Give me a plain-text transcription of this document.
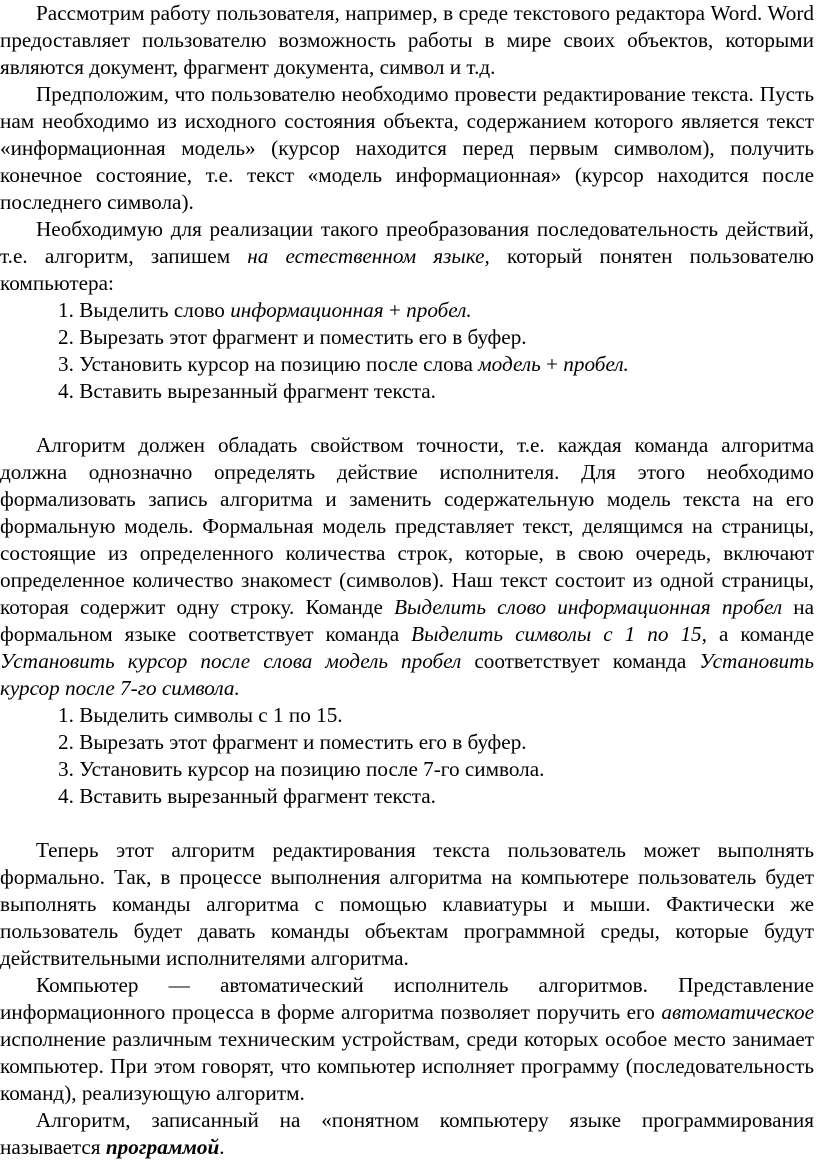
Рассмотрим работу пользователя, например, в среде текстового редактора Word. Word предоставляет пользователю возможность работы в мире своих объектов, которыми являются документ, фрагмент документа, символ и т.д.

Предположим, что пользователю необходимо провести редактирование текста. Пусть нам необходимо из исходного состояния объекта, содержанием которого является текст «информационная модель» (курсор находится перед первым символом), получить конечное состояние, т.е. текст «модель информационная» (курсор находится после последнего символа).

Необходимую для реализации такого преобразования последовательность действий, т.е. алгоритм, запишем на естественном языке, который понятен пользователю компьютера:

1. Выделить слово информационная + пробел.
2. Вырезать этот фрагмент и поместить его в буфер.
3. Установить курсор на позицию после слова модель + пробел.
4. Вставить вырезанный фрагмент текста.

Алгоритм должен обладать свойством точности, т.е. каждая команда алгоритма должна однозначно определять действие исполнителя. Для этого необходимо формализовать запись алгоритма и заменить содержательную модель текста на его формальную модель. Формальная модель представляет текст, делящимся на страницы, состоящие из определенного количества строк, которые, в свою очередь, включают определенное количество знакомест (символов). Наш текст состоит из одной страницы, которая содержит одну строку. Команде Выделить слово информационная пробел на формальном языке соответствует команда Выделить символы с 1 по 15, а команде Установить курсор после слова модель пробел соответствует команда Установить курсор после 7-го символа.

1. Выделить символы с 1 по 15.
2. Вырезать этот фрагмент и поместить его в буфер.
3. Установить курсор на позицию после 7-го символа.
4. Вставить вырезанный фрагмент текста.

Теперь этот алгоритм редактирования текста пользователь может выполнять формально. Так, в процессе выполнения алгоритма на компьютере пользователь будет выполнять команды алгоритма с помощью клавиатуры и мыши. Фактически же пользователь будет давать команды объектам программной среды, которые будут действительными исполнителями алгоритма.

Компьютер — автоматический исполнитель алгоритмов. Представление информационного процесса в форме алгоритма позволяет поручить его автоматическое исполнение различным техническим устройствам, среди которых особое место занимает компьютер. При этом говорят, что компьютер исполняет программу (последовательность команд), реализующую алгоритм.

Алгоритм, записанный на «понятном компьютеру языке программирования называется программой.
